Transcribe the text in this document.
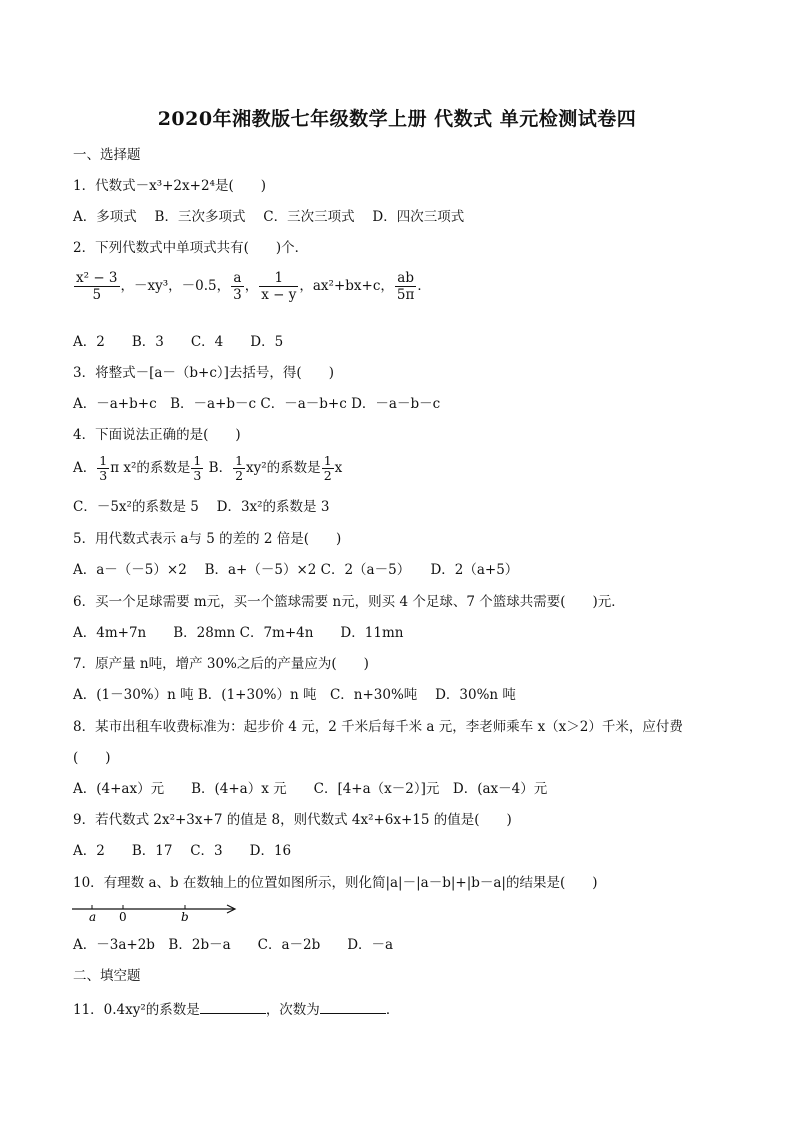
2020年湘教版七年级数学上册 代数式 单元检测试卷四
一、选择题
1．代数式－x³+2x+2⁴是(　　)
A．多项式　 B．三次多项式　 C．三次三项式　 D．四次三项式
2．下列代数式中单项式共有(　　)个．
$\frac{\text{x² − 3}}{5}$ ，－xy³，－0.5， $\frac{a}{3}$ ， $\frac{1}{x - y}$ ，ax²+bx+c， $\frac{ab}{5\pi}$ ．
A．2　　B．3　　C．4　　D．5
3．将整式－[a－（b+c）]去括号，得(　　)
A．－a+b+c　B．－a+b－c C．－a－b+c D．－a－b－c
4．下面说法正确的是(　　)
A． $\frac{1}{3}$ π x²的系数是 $\frac{1}{3}$ B． $\frac{1}{2} xy^2$的系数是 $\frac{1}{2}$ x
C．－5x²的系数是 5　 D．3x²的系数是 3
5．用代数式表示 a与 5 的差的 2 倍是(　　)
A．a－（－5）×2　 B．a+（－5）×2 C．2（a－5）　　D．2（a+5）
6．买一个足球需要 m元，买一个篮球需要 n元，则买 4 个足球、7 个篮球共需要(　　)元．
A．4m+7n　　B．28mn C．7m+4n　　D．11mn
7．原产量 n吨，增产 30%之后的产量应为(　　)
A．(1－30%）n 吨 B．(1+30%）n 吨　C．n+30%吨　 D．30%n 吨
8．某市出租车收费标准为：起步价 4 元，2 千米后每千米 a 元，李老师乘车 x（x＞2）千米，应付费
(　　)
A．(4+ax）元　　B．(4+a）x 元　　C．[4+a（x－2）]元　D．(ax－4）元
9．若代数式 2x²+3x+7 的值是 8，则代数式 4x²+6x+15 的值是(　　)
A．2　　B．17　 C．3　　D．16
10．有理数 a、b 在数轴上的位置如图所示，则化简|a|－|a－b|+|b－a|的结果是(　　)
a 0	b
A．－3a+2b　B．2b－a　　C．a－2b　　D．－a
二、填空题
11．0.4xy²的系数是	，次数为	．
